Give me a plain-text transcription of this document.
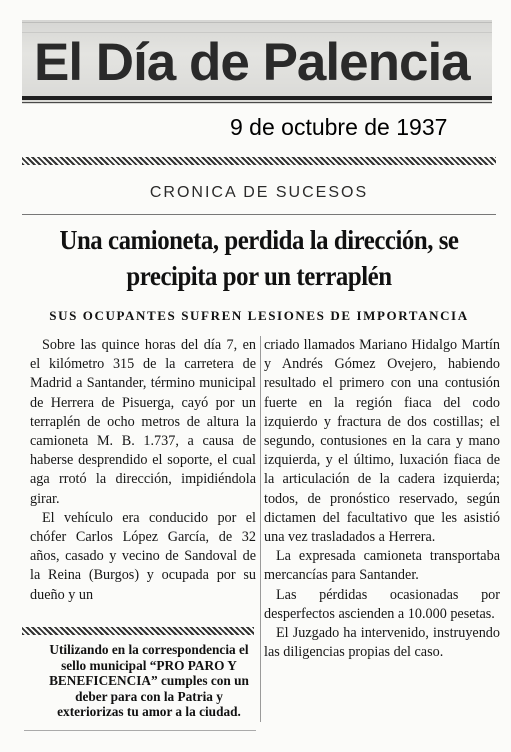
El Día de Palencia
9 de octubre de 1937
CRONICA DE SUCESOS
Una camioneta, perdida la dirección, se
precipita por un terraplén
SUS OCUPANTES SUFREN LESIONES DE IMPORTANCIA

Sobre las quince horas del día 7, en el kilómetro 315 de la carretera de Madrid a Santander, término municipal de Herrera de Pisuerga, cayó por un terraplén de ocho metros de altura la camioneta M. B. 1.737, a causa de haberse desprendido el soporte, el cual aga rrotó la dirección, impidiéndola girar.

El vehículo era conducido por el chófer Carlos López García, de 32 años, casado y vecino de Sandoval de la Reina (Burgos) y ocupada por su dueño y un

criado llamados Mariano Hidalgo Martín y Andrés Gómez Ovejero, habiendo resultado el primero con una contusión fuerte en la región fiaca del codo izquierdo y fractura de dos costillas; el segundo, contusiones en la cara y mano izquierda, y el último, luxación fiaca de la articulación de la cadera izquierda; todos, de pronóstico reservado, según dictamen del facultativo que les asistió una vez trasladados a Herrera.

La expresada camioneta transportaba mercancías para Santander.

Las pérdidas ocasionadas por desperfectos ascienden a 10.000 pesetas.

El Juzgado ha intervenido, instruyendo las diligencias propias del caso.

Utilizando en la correspondencia el sello municipal “PRO PARO Y BENEFICENCIA” cumples con un deber para con la Patria y exteriorizas tu amor a la ciudad.
